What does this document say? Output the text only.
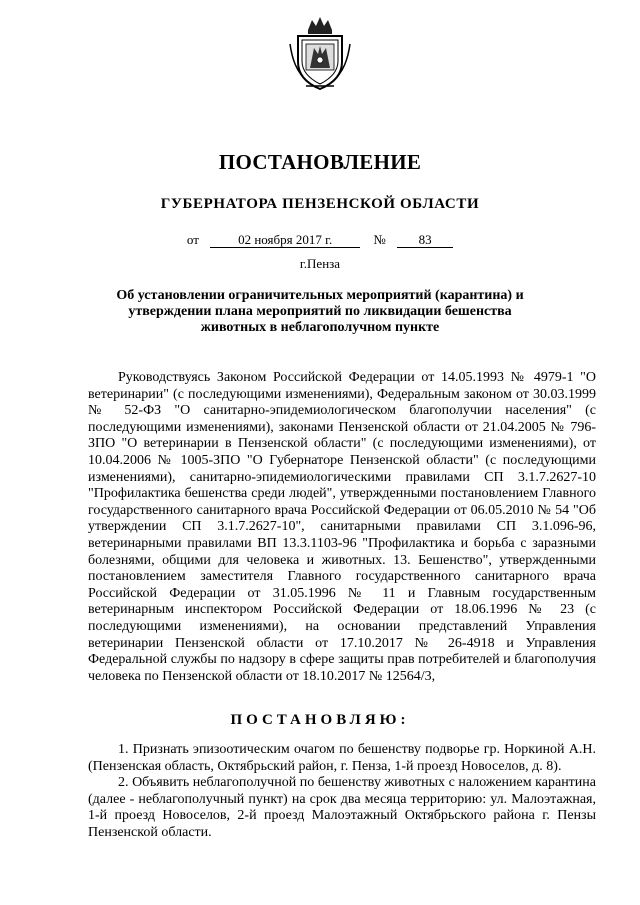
ПОСТАНОВЛЕНИЕ
ГУБЕРНАТОРА ПЕНЗЕНСКОЙ ОБЛАСТИ
от	02 ноября 2017 г.	№	83
г.Пенза
Об установлении ограничительных мероприятий (карантина) и утверждении плана мероприятий по ликвидации бешенства животных в неблагополучном пункте

Руководствуясь Законом Российской Федерации от 14.05.1993 № 4979-1 "О ветеринарии" (с последующими изменениями), Федеральным законом от 30.03.1999 № 52-ФЗ "О санитарно-эпидемиологическом благополучии населения" (с последующими изменениями), законами Пензенской области от 21.04.2005 № 796-ЗПО "О ветеринарии в Пензенской области" (с последующими изменениями), от 10.04.2006 № 1005-ЗПО "О Губернаторе Пензенской области" (с последующими изменениями), санитарно-эпидемиологическими правилами СП 3.1.7.2627-10 "Профилактика бешенства среди людей", утвержденными постановлением Главного государственного санитарного врача Российской Федерации от 06.05.2010 № 54 "Об утверждении СП 3.1.7.2627-10", санитарными правилами СП 3.1.096-96, ветеринарными правилами ВП 13.3.1103-96 "Профилактика и борьба с заразными болезнями, общими для человека и животных. 13. Бешенство", утвержденными постановлением заместителя Главного государственного санитарного врача Российской Федерации от 31.05.1996 № 11 и Главным государственным ветеринарным инспектором Российской Федерации от 18.06.1996 № 23 (с последующими изменениями), на основании представлений Управления ветеринарии Пензенской области от 17.10.2017 № 26-4918 и Управления Федеральной службы по надзору в сфере защиты прав потребителей и благополучия человека по Пензенской области от 18.10.2017 № 12564/3,

ПОСТАНОВЛЯЮ:

1. Признать эпизоотическим очагом по бешенству подворье гр. Норкиной А.Н. (Пензенская область, Октябрьский район, г. Пенза, 1-й проезд Новоселов, д. 8).

2. Объявить неблагополучной по бешенству животных с наложением карантина (далее - неблагополучный пункт) на срок два месяца территорию: ул. Малоэтажная, 1-й проезд Новоселов, 2-й проезд Малоэтажный Октябрьского района г. Пензы Пензенской области.
